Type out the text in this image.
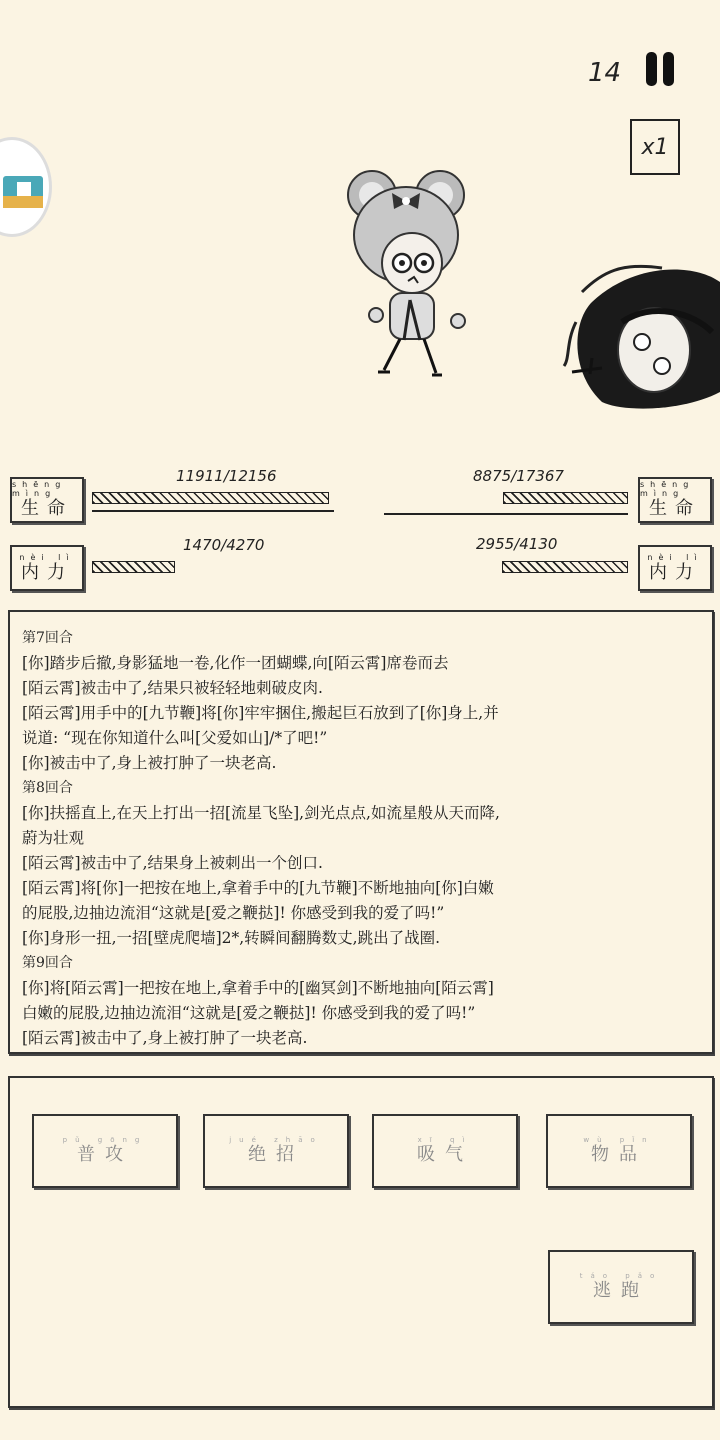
14
x1
shēng mìng
生命
11911/12156
nèi lì
内力
1470/4270
shēng mìng
生命
8875/17367
nèi lì
内力
2955/4130
第7回合
[你]踏步后撤,身影猛地一卷,化作一团蝴蝶,向[陌云霄]席卷而去
[陌云霄]被击中了,结果只被轻轻地刺破皮肉.
[陌云霄]用手中的[九节鞭]将[你]牢牢捆住,搬起巨石放到了[你]身上,并
说道: “现在你知道什么叫[父爱如山]/*了吧!”
[你]被击中了,身上被打肿了一块老高.
第8回合
[你]扶摇直上,在天上打出一招[流星飞坠],剑光点点,如流星般从天而降,
蔚为壮观
[陌云霄]被击中了,结果身上被刺出一个创口.
[陌云霄]将[你]一把按在地上,拿着手中的[九节鞭]不断地抽向[你]白嫩
的屁股,边抽边流泪“这就是[爱之鞭挞]! 你感受到我的爱了吗!”
[你]身形一扭,一招[壁虎爬墙]2*,转瞬间翻腾数丈,跳出了战圈.
第9回合
[你]将[陌云霄]一把按在地上,拿着手中的[幽冥剑]不断地抽向[陌云霄]
白嫩的屁股,边抽边流泪“这就是[爱之鞭挞]! 你感受到我的爱了吗!”
[陌云霄]被击中了,身上被打肿了一块老高.
pǔ gōng
普攻
jué zhāo
绝招
xī qì
吸气
wù pǐn
物品
táo pǎo
逃跑
